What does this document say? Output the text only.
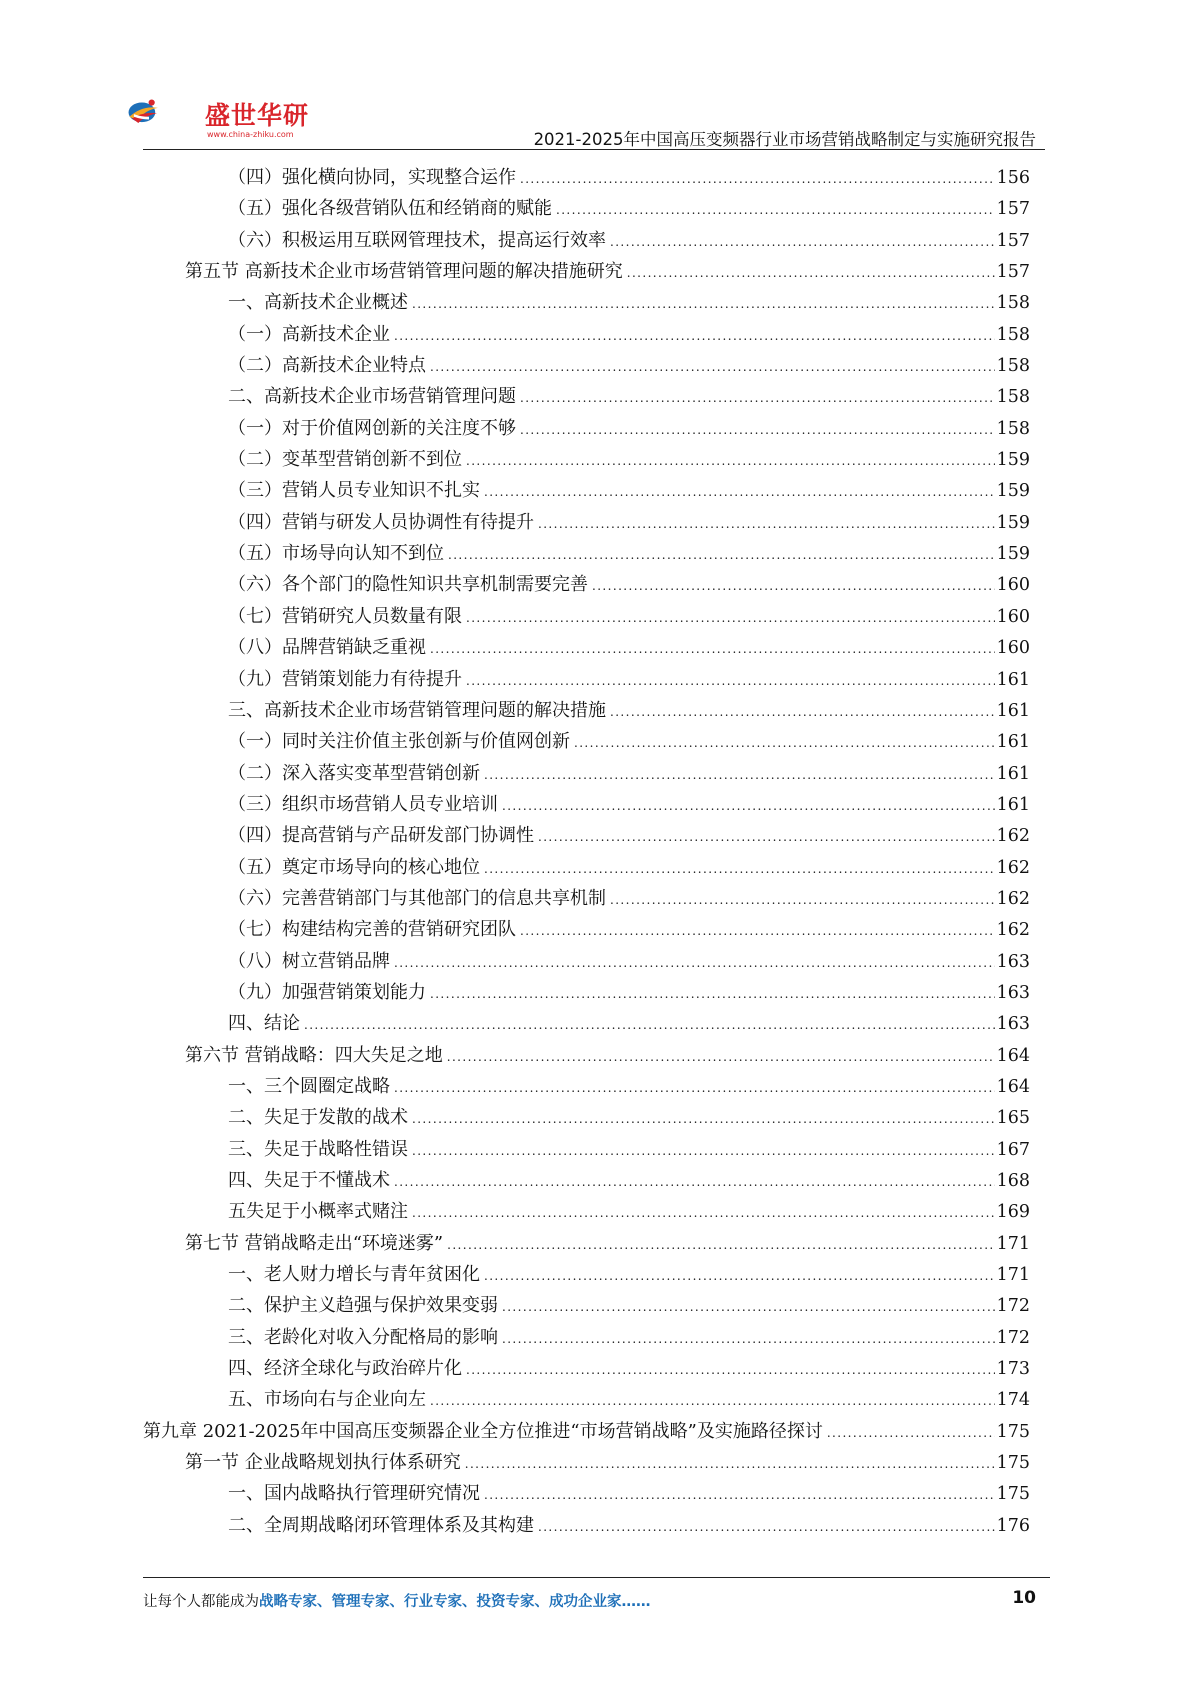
盛世华研
www.china-zhiku.com	2021-2025年中国高压变频器行业市场营销战略制定与实施研究报告
（四）强化横向协同，实现整合运作 .....	156
（五）强化各级营销队伍和经销商的赋能 .....	157
（六）积极运用互联网管理技术，提高运行效率 .....	157
第五节 高新技术企业市场营销管理问题的解决措施研究 .....	157
一、高新技术企业概述 .....	158
（一）高新技术企业 .....	158
（二）高新技术企业特点 .....	158
二、高新技术企业市场营销管理问题 .....	158
（一）对于价值网创新的关注度不够 .....	158
（二）变革型营销创新不到位 .....	159
（三）营销人员专业知识不扎实 .....	159
（四）营销与研发人员协调性有待提升 .....	159
（五）市场导向认知不到位 .....	159
（六）各个部门的隐性知识共享机制需要完善 .....	160
（七）营销研究人员数量有限 .....	160
（八）品牌营销缺乏重视 .....	160
（九）营销策划能力有待提升 .....	161
三、高新技术企业市场营销管理问题的解决措施 .....	161
（一）同时关注价值主张创新与价值网创新 .....	161
（二）深入落实变革型营销创新 .....	161
（三）组织市场营销人员专业培训 .....	161
（四）提高营销与产品研发部门协调性 .....	162
（五）奠定市场导向的核心地位 .....	162
（六）完善营销部门与其他部门的信息共享机制 .....	162
（七）构建结构完善的营销研究团队 .....	162
（八）树立营销品牌 .....	163
（九）加强营销策划能力 .....	163
四、结论 .....	163
第六节 营销战略：四大失足之地 .....	164
一、三个圆圈定战略 .....	164
二、失足于发散的战术 .....	165
三、失足于战略性错误 .....	167
四、失足于不懂战术 .....	168
五失足于小概率式赌注 .....	169
第七节 营销战略走出“环境迷雾” .....	171
一、老人财力增长与青年贫困化 .....	171
二、保护主义趋强与保护效果变弱 .....	172
三、老龄化对收入分配格局的影响 .....	172
四、经济全球化与政治碎片化 .....	173
五、市场向右与企业向左 .....	174
第九章 2021-2025年中国高压变频器企业全方位推进“市场营销战略”及实施路径探讨 .....	175
第一节 企业战略规划执行体系研究 .....	175
一、国内战略执行管理研究情况 .....	175
二、全周期战略闭环管理体系及其构建 .....	176
让每个人都能成为战略专家、管理专家、行业专家、投资专家、成功企业家……	10
